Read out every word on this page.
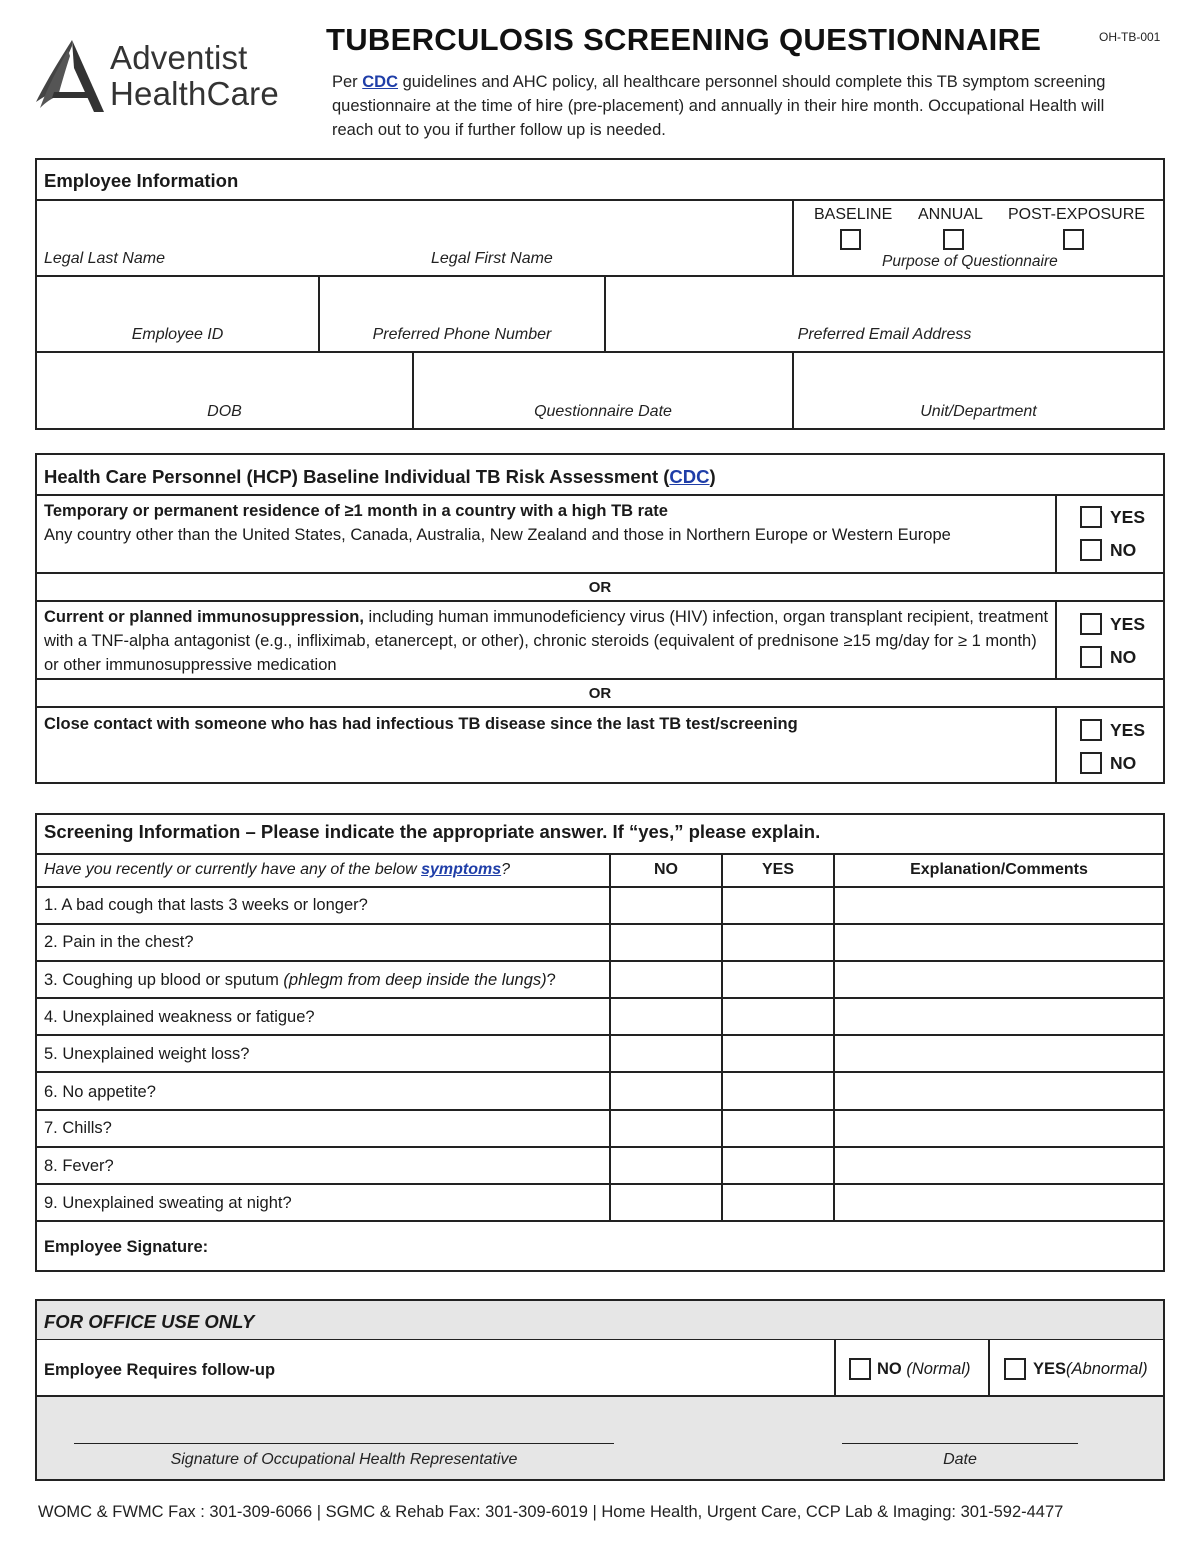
Adventist
HealthCare
TUBERCULOSIS SCREENING QUESTIONNAIRE	OH-TB-001
Per CDC guidelines and AHC policy, all healthcare personnel should complete this TB symptom screening questionnaire at the time of hire (pre-placement) and annually in their hire month. Occupational Health will reach out to you if further follow up is needed.
Employee Information
Legal Last Name	Legal First Name
BASELINE ANNUAL POST-EXPOSURE
Purpose of Questionnaire
Employee ID	Preferred Phone Number	Preferred Email Address
DOB	Questionnaire Date	Unit/Department
Health Care Personnel (HCP) Baseline Individual TB Risk Assessment (CDC)
Temporary or permanent residence of ≥1 month in a country with a high TB rate
Any country other than the United States, Canada, Australia, New Zealand and those in Northern Europe or Western Europe
YES
NO
OR
Current or planned immunosuppression, including human immunodeficiency virus (HIV) infection, organ transplant recipient, treatment with a TNF-alpha antagonist (e.g., infliximab, etanercept, or other), chronic steroids (equivalent of prednisone ≥15 mg/day for ≥ 1 month) or other immunosuppressive medication
YES
NO
OR
Close contact with someone who has had infectious TB disease since the last TB test/screening	YES
NO
Screening Information – Please indicate the appropriate answer. If “yes,” please explain.
Have you recently or currently have any of the below symptoms?	NO	YES	Explanation/Comments
1. A bad cough that lasts 3 weeks or longer?
2. Pain in the chest?
3. Coughing up blood or sputum (phlegm from deep inside the lungs)?
4. Unexplained weakness or fatigue?
5. Unexplained weight loss?
6. No appetite?
7. Chills?
8. Fever?
9. Unexplained sweating at night?
Employee Signature:
FOR OFFICE USE ONLY
Employee Requires follow-up	NO (Normal)	YES(Abnormal)
Signature of Occupational Health Representative	Date
WOMC & FWMC Fax : 301-309-6066 | SGMC & Rehab Fax: 301-309-6019 | Home Health, Urgent Care, CCP Lab & Imaging: 301-592-4477
